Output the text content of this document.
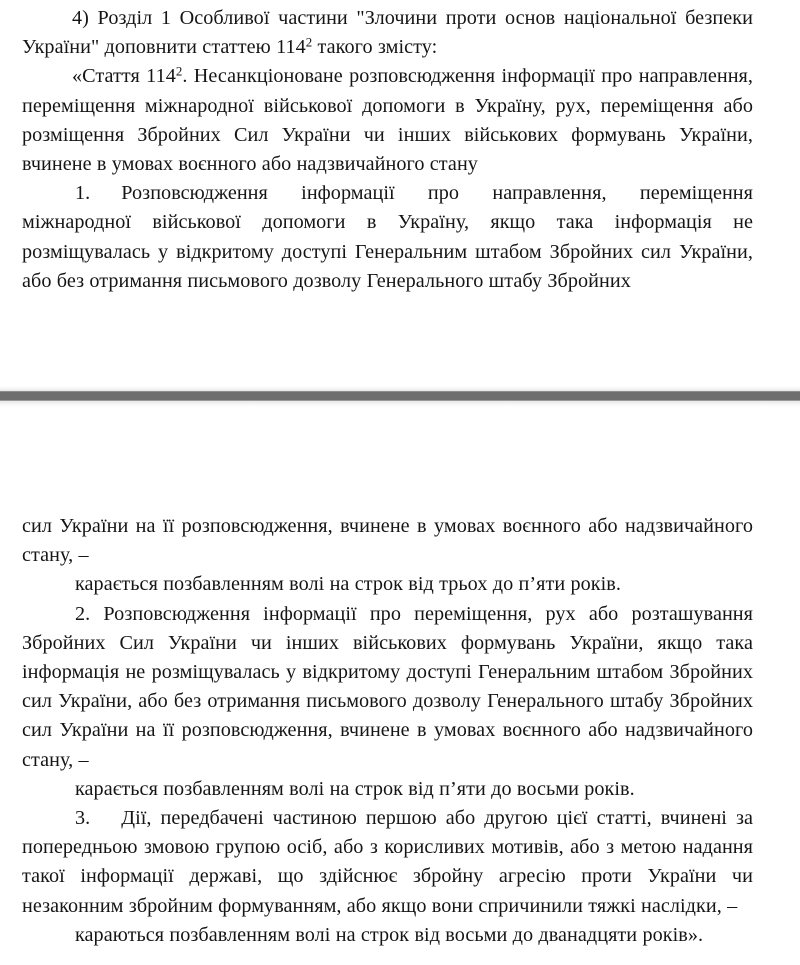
4) Розділ 1 Особливої частини "Злочини проти основ національної безпеки України" доповнити статтею $114^2$ такого змісту:

«Стаття $114^2$. Несанкціоноване розповсюдження інформації про направлення, переміщення міжнародної військової допомоги в Україну, рух, переміщення або розміщення Збройних Сил України чи інших військових формувань України, вчинене в умовах воєнного або надзвичайного стану

1. Розповсюдження інформації про направлення, переміщення міжнародної військової допомоги в Україну, якщо така інформація не розміщувалась у відкритому доступі Генеральним штабом Збройних сил України, або без отримання письмового дозволу Генерального штабу Збройних

сил України на її розповсюдження, вчинене в умовах воєнного або надзвичайного стану, –

карається позбавленням волі на строк від трьох до п’яти років.

2. Розповсюдження інформації про переміщення, рух або розташування Збройних Сил України чи інших військових формувань України, якщо така інформація не розміщувалась у відкритому доступі Генеральним штабом Збройних сил України, або без отримання письмового дозволу Генерального штабу Збройних сил України на її розповсюдження, вчинене в умовах воєнного або надзвичайного стану, –

карається позбавленням волі на строк від п’яти до восьми років.

3. Дії, передбачені частиною першою або другою цієї статті, вчинені за попередньою змовою групою осіб, або з корисливих мотивів, або з метою надання такої інформації державі, що здійснює збройну агресію проти України чи незаконним збройним формуванням, або якщо вони спричинили тяжкі наслідки, –

караються позбавленням волі на строк від восьми до дванадцяти років».
